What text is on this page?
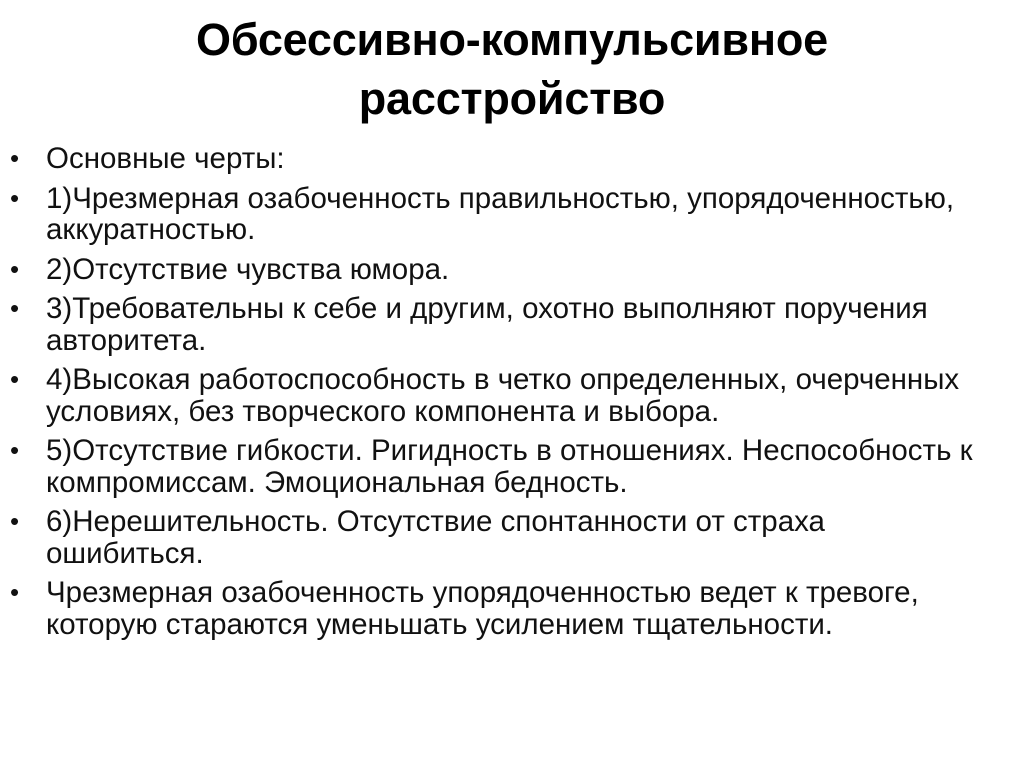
Обсессивно-компульсивное
расстройство
• Основные черты:
• 1)Чрезмерная озабоченность правильностью, упорядоченностью, аккуратностью.
• 2)Отсутствие чувства юмора.
• 3)Требовательны к себе и другим, охотно выполняют поручения авторитета.
• 4)Высокая работоспособность в четко определенных, очерченных условиях, без творческого компонента и выбора.
• 5)Отсутствие гибкости. Ригидность в отношениях. Неспособность к компромиссам. Эмоциональная бедность.
• 6)Нерешительность. Отсутствие спонтанности от страха ошибиться.
• Чрезмерная озабоченность упорядоченностью ведет к тревоге, которую стараются уменьшать усилением тщательности.
